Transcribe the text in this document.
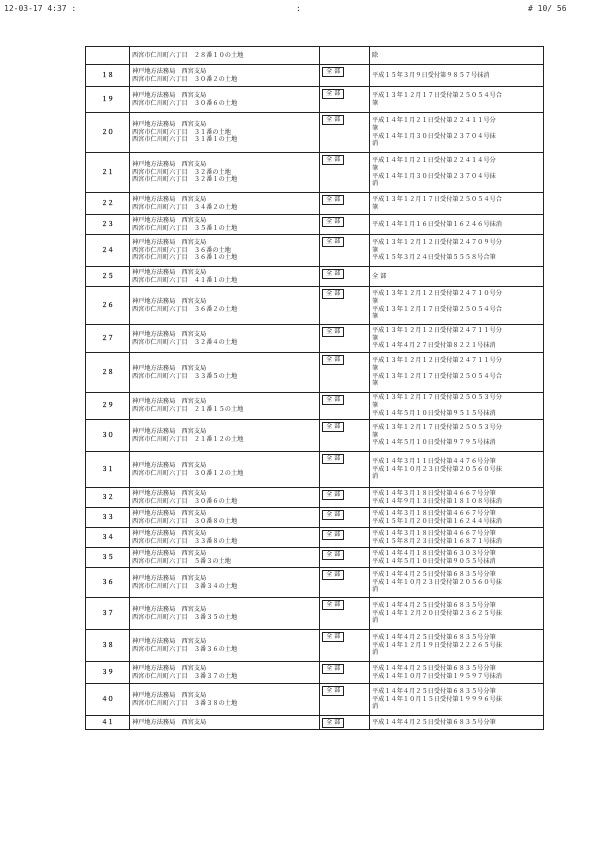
12-03-17 4:37 :	:	# 10/ 56

	西宮市仁川町六丁目　２８番１０の土地		除

１８	神戸地方法務局　西宮支局
西宮市仁川町六丁目　３０番２の土地	全 部	平成１５年３月９日受付第９８５７号抹消

１９	神戸地方法務局　西宮支局
西宮市仁川町六丁目　３０番６の土地	全 部	平成１３年１２月１７日受付第２５０５４号合
筆

２０	神戸地方法務局　西宮支局
西宮市仁川町六丁目　３１番の土地
西宮市仁川町六丁目　３１番１の土地	全 部	平成１４年１月２１日受付第２２４１１号分
筆
平成１４年１月３０日受付第２３７０４号抹
消

２１	神戸地方法務局　西宮支局
西宮市仁川町六丁目　３２番の土地
西宮市仁川町六丁目　３２番１の土地	全 部	平成１４年１月２１日受付第２２４１４号分
筆
平成１４年１月３０日受付第２３７０４号抹
消

２２	神戸地方法務局　西宮支局
西宮市仁川町六丁目　３４番２の土地	全 部	平成１３年１２月１７日受付第２５０５４号合
筆

２３	神戸地方法務局　西宮支局
西宮市仁川町六丁目　３５番１の土地	全 部	平成１４年１月１６日受付第１６２４６号抹消

２４	神戸地方法務局　西宮支局
西宮市仁川町六丁目　３６番の土地
西宮市仁川町六丁目　３６番１の土地	全 部	平成１３年１２月１２日受付第２４７０９号分
筆
平成１５年３月２４日受付第５５５８号合筆

２５	神戸地方法務局　西宮支局
西宮市仁川町六丁目　４１番１の土地	全 部	全 部

２６	神戸地方法務局　西宮支局
西宮市仁川町六丁目　３６番２の土地	全 部	平成１３年１２月１２日受付第２４７１０号分
筆
平成１３年１２月１７日受付第２５０５４号合
筆

２７	神戸地方法務局　西宮支局
西宮市仁川町六丁目　３２番４の土地	全 部	平成１３年１２月１２日受付第２４７１１号分
筆
平成１４年４月２７日受付第８２２１号抹消

２８	神戸地方法務局　西宮支局
西宮市仁川町六丁目　３３番５の土地	全 部	平成１３年１２月１２日受付第２４７１１号分
筆
平成１３年１２月１７日受付第２５０５４号合
筆

２９	神戸地方法務局　西宮支局
西宮市仁川町六丁目　２１番１５の土地	全 部	平成１３年１２月１７日受付第２５０５３号分
筆
平成１４年５月１０日受付第９５１５号抹消

３０	神戸地方法務局　西宮支局
西宮市仁川町六丁目　２１番１２の土地	全 部	平成１３年１２月１７日受付第２５０５３号分
筆
平成１４年５月１０日受付第９７９５号抹消

３１	神戸地方法務局　西宮支局
西宮市仁川町六丁目　３０番１２の土地	全 部	平成１４年３月１１日受付第４４７６号分筆
平成１４年１０月２３日受付第２０５６０号抹
消

３２	神戸地方法務局　西宮支局
西宮市仁川町六丁目　３０番６の土地	全 部	平成１４年３月１８日受付第４６６７号分筆
平成１４年９月１３日受付第１８１０８号抹消

３３	神戸地方法務局　西宮支局
西宮市仁川町六丁目　３０番８の土地	全 部	平成１４年３月１８日受付第４６６７号分筆
平成１５年１月２０日受付第１６２４４号抹消

３４	神戸地方法務局　西宮支局
西宮市仁川町六丁目　３３番８の土地	全 部	平成１４年３月１８日受付第４６６７号分筆
平成１５年８月２３日受付第１６８７１号抹消

３５	神戸地方法務局　西宮支局
西宮市仁川町六丁目　５番３の土地	全 部	平成１４年４月１８日受付第６３０３号分筆
平成１４年５月１０日受付第９０５５号抹消

３６	神戸地方法務局　西宮支局
西宮市仁川町六丁目　３番３４の土地	全 部	平成１４年４月２５日受付第６８３５号分筆
平成１４年１０月２３日受付第２０５６０号抹
消

３７	神戸地方法務局　西宮支局
西宮市仁川町六丁目　３番３５の土地	全 部	平成１４年４月２５日受付第６８３５号分筆
平成１４年１２月２０日受付第２３６２５号抹
消

３８	神戸地方法務局　西宮支局
西宮市仁川町六丁目　３番３６の土地	全 部	平成１４年４月２５日受付第６８３５号分筆
平成１４年１２月１９日受付第２２２６５号抹
消

３９	神戸地方法務局　西宮支局
西宮市仁川町六丁目　３番３７の土地	全 部	平成１４年４月２５日受付第６８３５号分筆
平成１４年１０月７日受付第１９５９７号抹消

４０	神戸地方法務局　西宮支局
西宮市仁川町六丁目　３番３８の土地	全 部	平成１４年４月２５日受付第６８３５号分筆
平成１４年１０月１５日受付第１９９９６号抹
消

４１	神戸地方法務局　西宮支局	全 部	平成１４年４月２５日受付第６８３５号分筆
